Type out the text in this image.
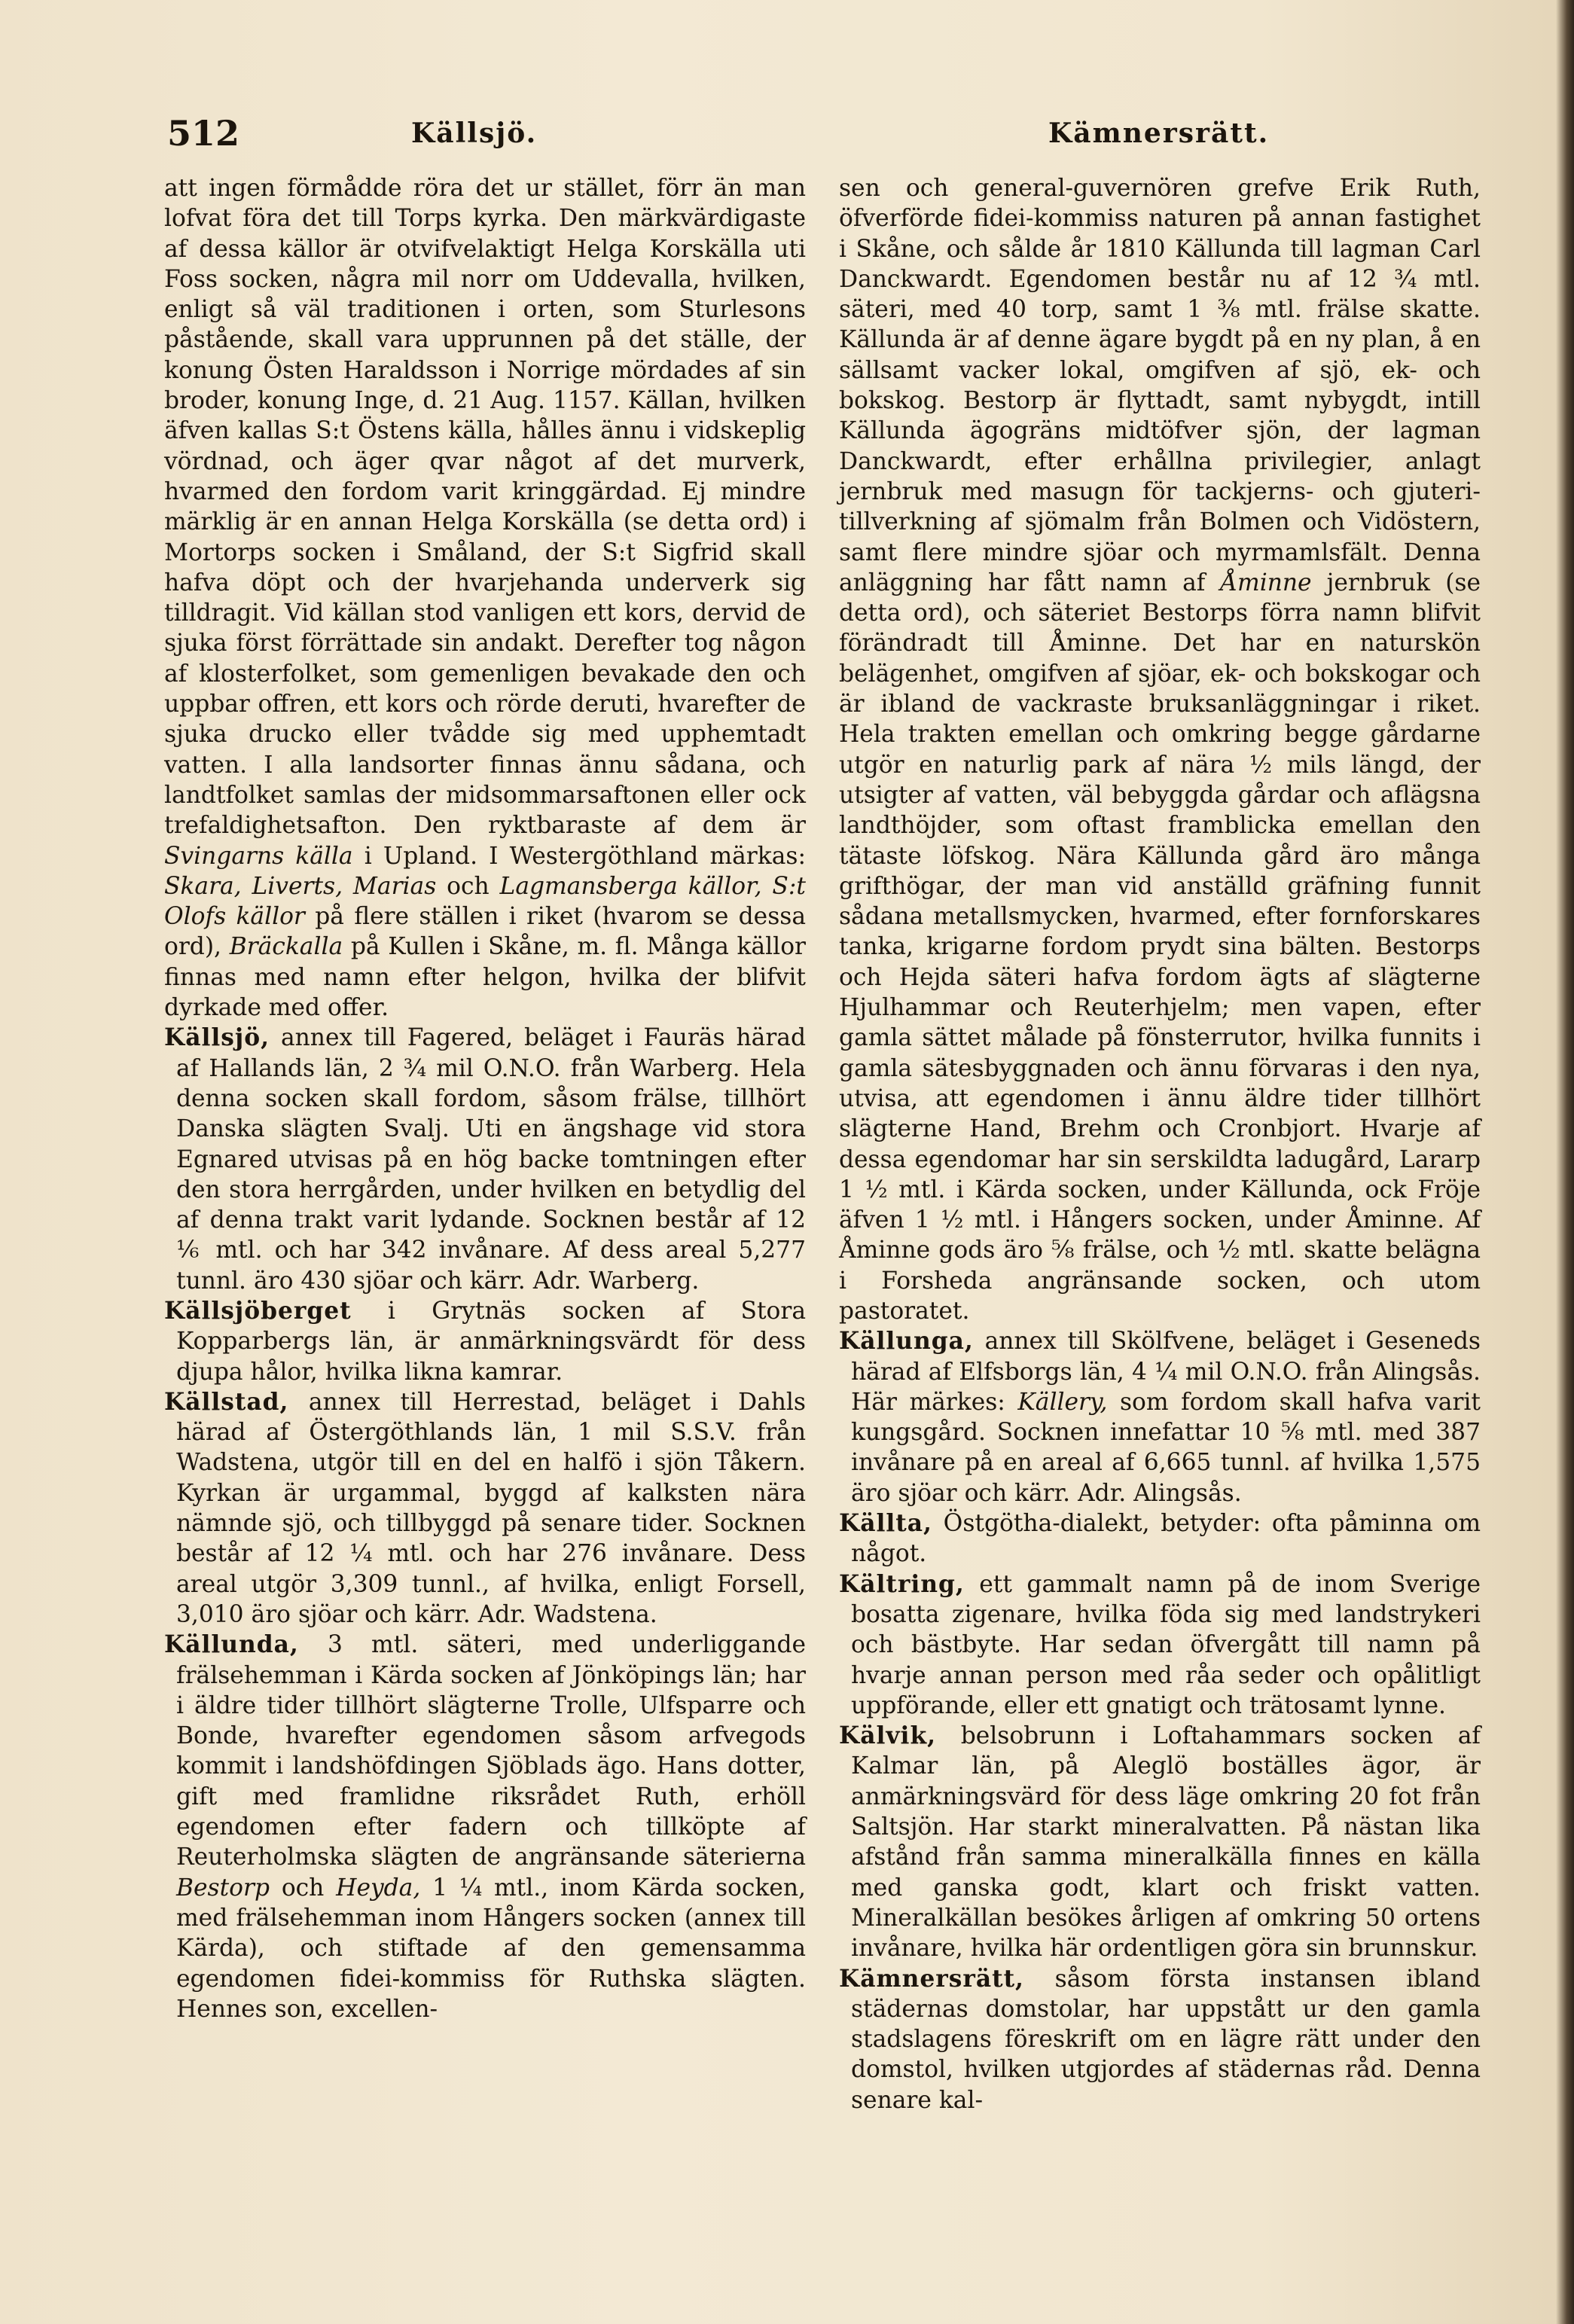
512	Källsjö.	Kämnersrätt.

att ingen förmådde röra det ur stället, förr än man lofvat föra det till Torps kyrka. Den märkvärdigaste af dessa källor är otvifvelaktigt Helga Korskälla uti Foss socken, några mil norr om Uddevalla, hvilken, enligt så väl traditionen i orten, som Sturlesons påstående, skall vara upprunnen på det ställe, der konung Östen Haraldsson i Norrige mördades af sin broder, konung Inge, d. 21 Aug. 1157. Källan, hvilken äfven kallas S:t Östens källa, hålles ännu i vidskeplig vördnad, och äger qvar något af det murverk, hvarmed den fordom varit kringgärdad. Ej mindre märklig är en annan Helga Korskälla (se detta ord) i Mortorps socken i Småland, der S:t Sigfrid skall hafva döpt och der hvarjehanda underverk sig tilldragit. Vid källan stod vanligen ett kors, dervid de sjuka först förrättade sin andakt. Derefter tog någon af klosterfolket, som gemenligen bevakade den och uppbar offren, ett kors och rörde deruti, hvarefter de sjuka drucko eller tvådde sig med upphemtadt vatten. I alla landsorter finnas ännu sådana, och landtfolket samlas der midsommarsaftonen eller ock trefaldighetsafton. Den ryktbaraste af dem är Svingarns källa i Upland. I Westergöthland märkas: Skara, Liverts, Marias och Lagmansberga källor, S:t Olofs källor på flere ställen i riket (hvarom se dessa ord), Bräckalla på Kullen i Skåne, m. fl. Många källor finnas med namn efter helgon, hvilka der blifvit dyrkade med offer.

Källsjö, annex till Fagered, beläget i Fauräs härad af Hallands län, 2 ¾ mil O.N.O. från Warberg. Hela denna socken skall fordom, såsom frälse, tillhört Danska slägten Svalj. Uti en ängshage vid stora Egnared utvisas på en hög backe tomtningen efter den stora herrgården, under hvilken en betydlig del af denna trakt varit lydande. Socknen består af 12 ⅙ mtl. och har 342 invånare. Af dess areal 5,277 tunnl. äro 430 sjöar och kärr. Adr. Warberg.

Källsjöberget i Grytnäs socken af Stora Kopparbergs län, är anmärkningsvärdt för dess djupa hålor, hvilka likna kamrar.

Källstad, annex till Herrestad, beläget i Dahls härad af Östergöthlands län, 1 mil S.S.V. från Wadstena, utgör till en del en halfö i sjön Tåkern. Kyrkan är urgammal, byggd af kalksten nära nämnde sjö, och tillbyggd på senare tider. Socknen består af 12 ¼ mtl. och har 276 invånare. Dess areal utgör 3,309 tunnl., af hvilka, enligt Forsell, 3,010 äro sjöar och kärr. Adr. Wadstena.

Källunda, 3 mtl. säteri, med underliggande frälsehemman i Kärda socken af Jönköpings län; har i äldre tider tillhört slägterne Trolle, Ulfsparre och Bonde, hvarefter egendomen såsom arfvegods kommit i landshöfdingen Sjöblads ägo. Hans dotter, gift med framlidne riksrådet Ruth, erhöll egendomen efter fadern och tillköpte af Reuterholmska slägten de angränsande säterierna Bestorp och Heyda, 1 ¼ mtl., inom Kärda socken, med frälsehemman inom Hångers socken (annex till Kärda), och stiftade af den gemensamma egendomen fidei-kommiss för Ruthska slägten. Hennes son, excellen-

sen och general-guvernören grefve Erik Ruth, öfverförde fidei-kommiss naturen på annan fastighet i Skåne, och sålde år 1810 Källunda till lagman Carl Danckwardt. Egendomen består nu af 12 ¾ mtl. säteri, med 40 torp, samt 1 ⅜ mtl. frälse skatte. Källunda är af denne ägare bygdt på en ny plan, å en sällsamt vacker lokal, omgifven af sjö, ek- och bokskog. Bestorp är flyttadt, samt nybygdt, intill Källunda ägogräns midtöfver sjön, der lagman Danckwardt, efter erhållna privilegier, anlagt jernbruk med masugn för tackjerns- och gjuteri-tillverkning af sjömalm från Bolmen och Vidöstern, samt flere mindre sjöar och myrmamlsfält. Denna anläggning har fått namn af Åminne jernbruk (se detta ord), och säteriet Bestorps förra namn blifvit förändradt till Åminne. Det har en naturskön belägenhet, omgifven af sjöar, ek- och bokskogar och är ibland de vackraste bruksanläggningar i riket. Hela trakten emellan och omkring begge gårdarne utgör en naturlig park af nära ½ mils längd, der utsigter af vatten, väl bebyggda gårdar och aflägsna landthöjder, som oftast framblicka emellan den tätaste löfskog. Nära Källunda gård äro många grifthögar, der man vid anställd gräfning funnit sådana metallsmycken, hvarmed, efter fornforskares tanka, krigarne fordom prydt sina bälten. Bestorps och Hejda säteri hafva fordom ägts af slägterne Hjulhammar och Reuterhjelm; men vapen, efter gamla sättet målade på fönsterrutor, hvilka funnits i gamla sätesbyggnaden och ännu förvaras i den nya, utvisa, att egendomen i ännu äldre tider tillhört slägterne Hand, Brehm och Cronbjort. Hvarje af dessa egendomar har sin serskildta ladugård, Lararp 1 ½ mtl. i Kärda socken, under Källunda, ock Fröje äfven 1 ½ mtl. i Hångers socken, under Åminne. Af Åminne gods äro ⅝ frälse, och ½ mtl. skatte belägna i Forsheda angränsande socken, och utom pastoratet.

Källunga, annex till Skölfvene, beläget i Geseneds härad af Elfsborgs län, 4 ¼ mil O.N.O. från Alingsås. Här märkes: Källery, som fordom skall hafva varit kungsgård. Socknen innefattar 10 ⅝ mtl. med 387 invånare på en areal af 6,665 tunnl. af hvilka 1,575 äro sjöar och kärr. Adr. Alingsås.

Källta, Östgötha-dialekt, betyder: ofta påminna om något.

Kältring, ett gammalt namn på de inom Sverige bosatta zigenare, hvilka föda sig med landstrykeri och bästbyte. Har sedan öfvergått till namn på hvarje annan person med råa seder och opålitligt uppförande, eller ett gnatigt och trätosamt lynne.

Kälvik, belsobrunn i Loftahammars socken af Kalmar län, på Aleglö boställes ägor, är anmärkningsvärd för dess läge omkring 20 fot från Saltsjön. Har starkt mineralvatten. På nästan lika afstånd från samma mineralkälla finnes en källa med ganska godt, klart och friskt vatten. Mineralkällan besökes årligen af omkring 50 ortens invånare, hvilka här ordentligen göra sin brunnskur.

Kämnersrätt, såsom första instansen ibland städernas domstolar, har uppstått ur den gamla stadslagens föreskrift om en lägre rätt under den domstol, hvilken utgjordes af städernas råd. Denna senare kal-
